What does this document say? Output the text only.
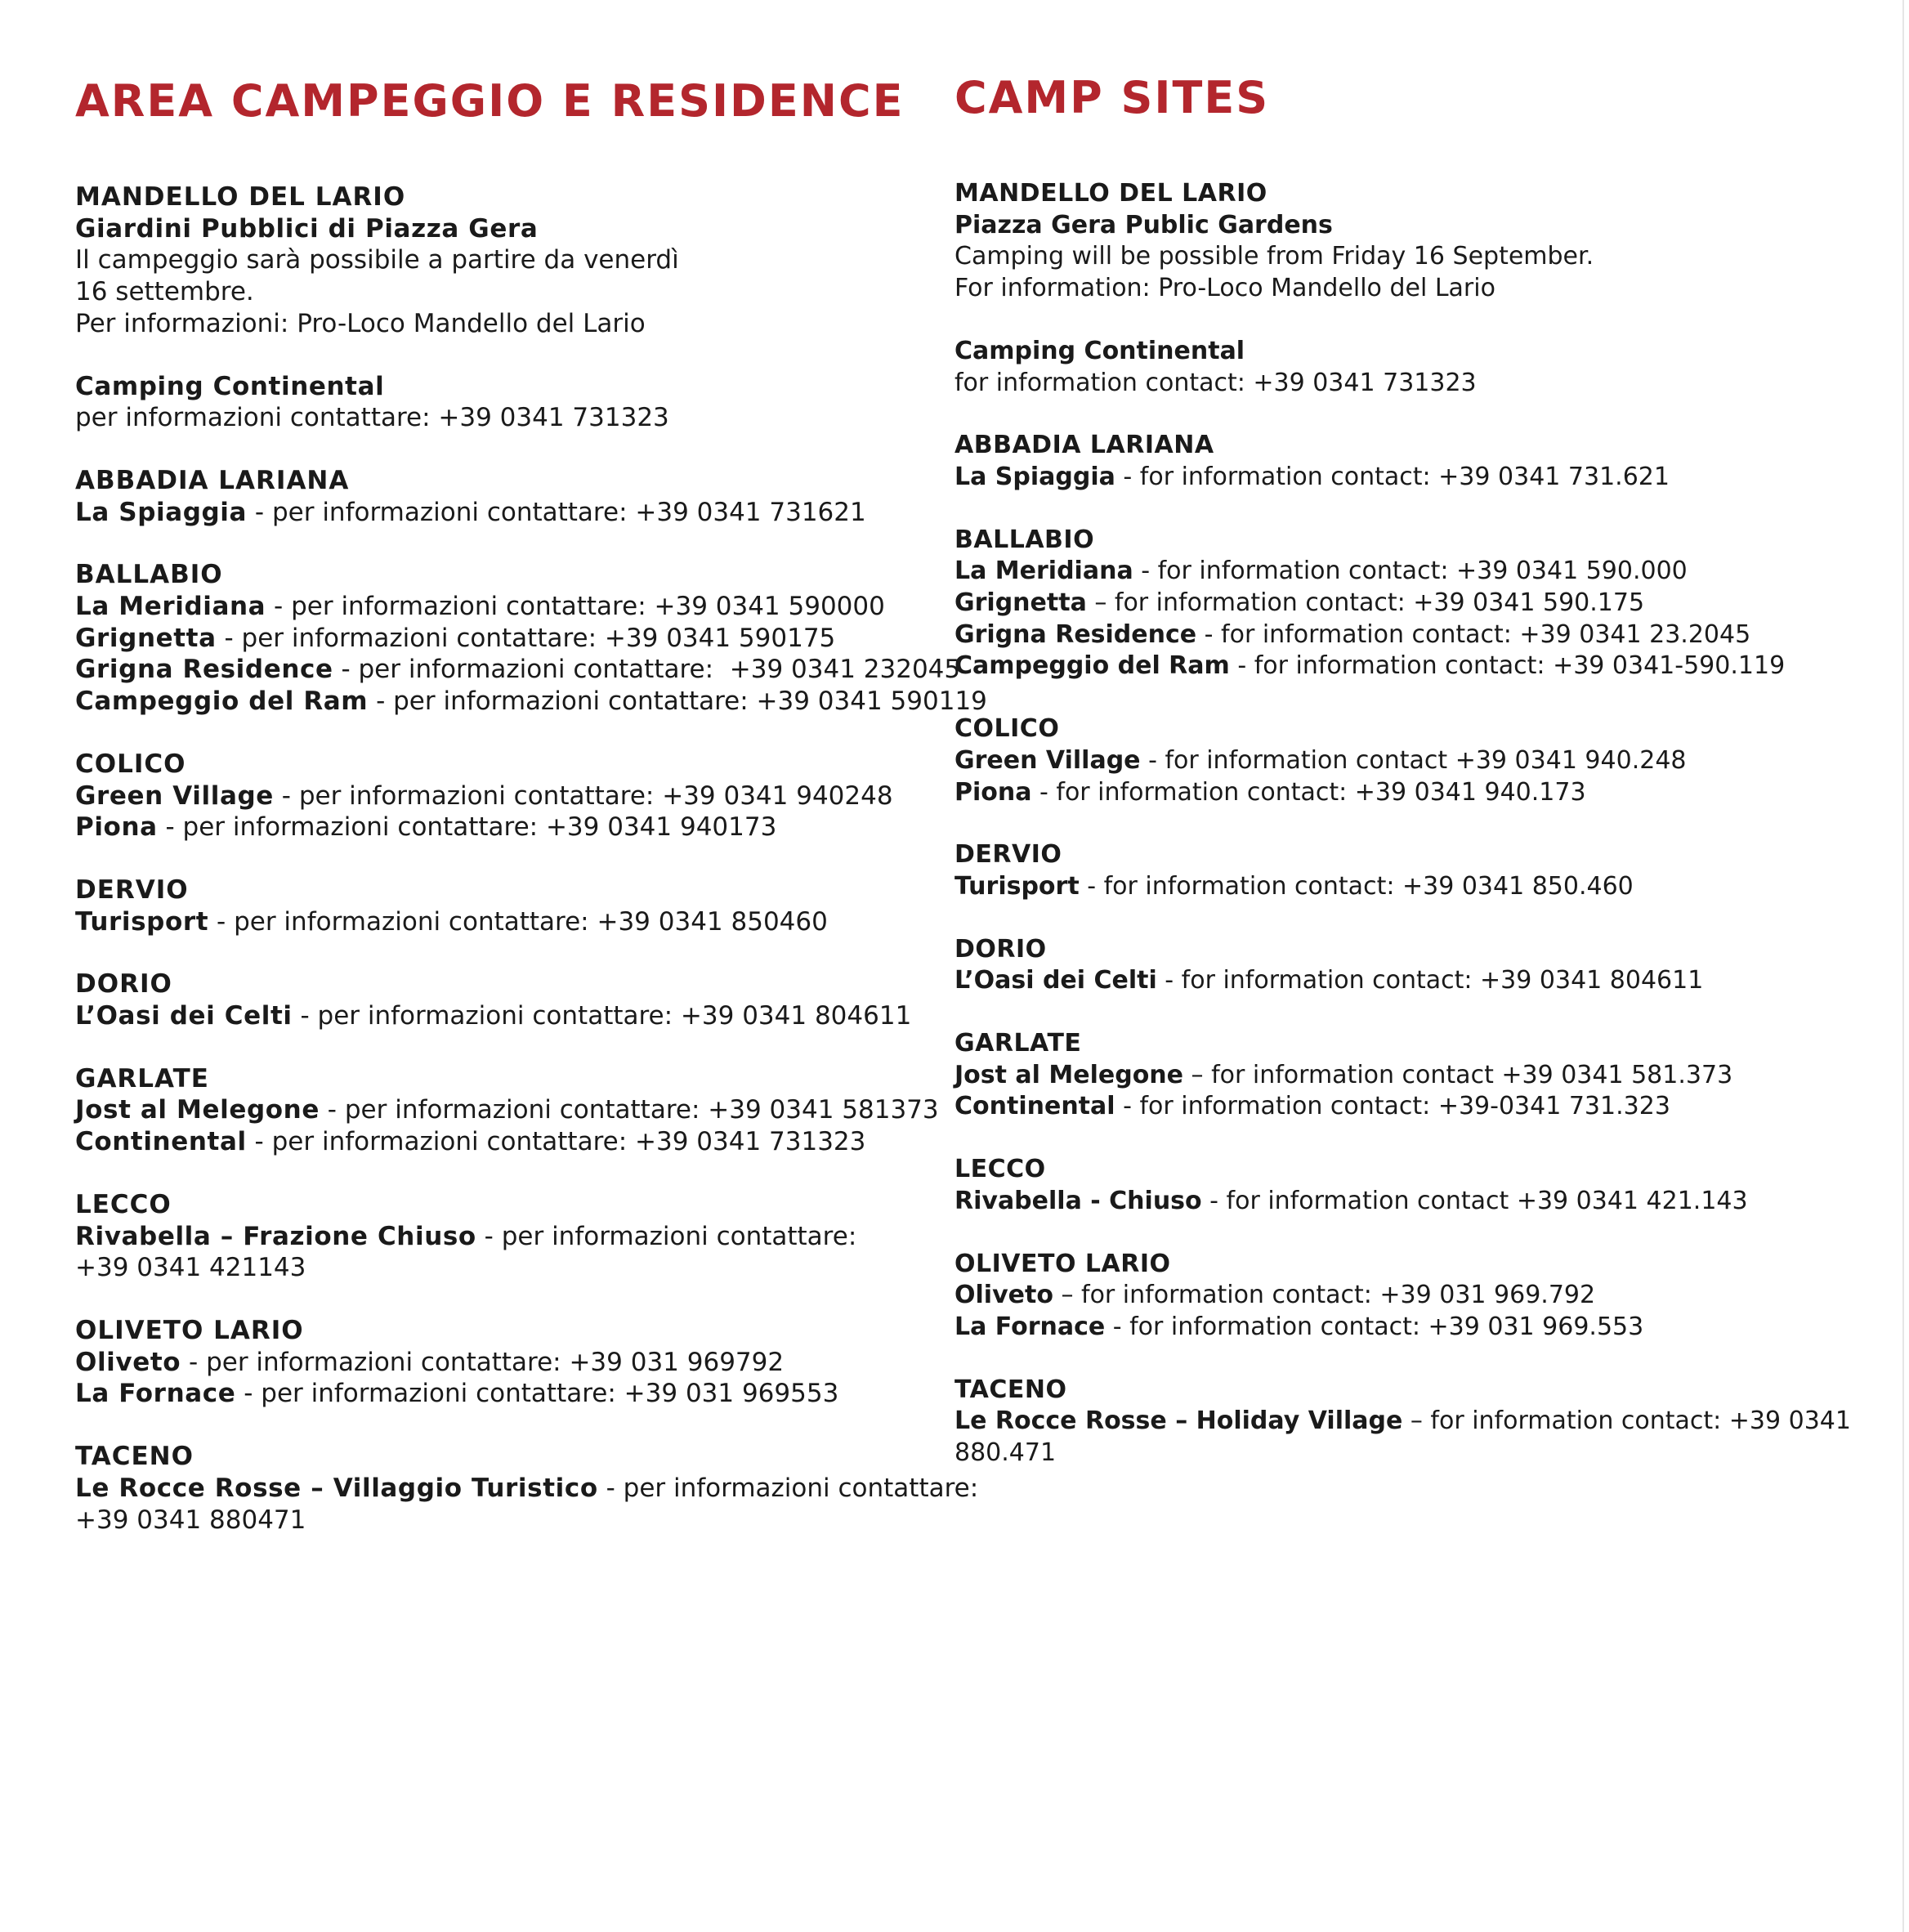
AREA CAMPEGGIO E RESIDENCE
MANDELLO DEL LARIO
Giardini Pubblici di Piazza Gera
Il campeggio sarà possibile a partire da venerdì
16 settembre.
Per informazioni: Pro-Loco Mandello del Lario
Camping Continental
per informazioni contattare: +39 0341 731323
ABBADIA LARIANA
La Spiaggia - per informazioni contattare: +39 0341 731621
BALLABIO
La Meridiana - per informazioni contattare: +39 0341 590000
Grignetta - per informazioni contattare: +39 0341 590175
Grigna Residence - per informazioni contattare:  +39 0341 232045
Campeggio del Ram - per informazioni contattare: +39 0341 590119
COLICO
Green Village - per informazioni contattare: +39 0341 940248
Piona - per informazioni contattare: +39 0341 940173
DERVIO
Turisport - per informazioni contattare: +39 0341 850460
DORIO
L’Oasi dei Celti - per informazioni contattare: +39 0341 804611
GARLATE
Jost al Melegone - per informazioni contattare: +39 0341 581373
Continental - per informazioni contattare: +39 0341 731323
LECCO
Rivabella – Frazione Chiuso - per informazioni contattare:
+39 0341 421143
OLIVETO LARIO
Oliveto - per informazioni contattare: +39 031 969792
La Fornace - per informazioni contattare: +39 031 969553
TACENO
Le Rocce Rosse – Villaggio Turistico - per informazioni contattare:
+39 0341 880471
CAMP SITES
MANDELLO DEL LARIO
Piazza Gera Public Gardens
Camping will be possible from Friday 16 September.
For information: Pro-Loco Mandello del Lario
Camping Continental
for information contact: +39 0341 731323
ABBADIA LARIANA
La Spiaggia - for information contact: +39 0341 731.621
BALLABIO
La Meridiana - for information contact: +39 0341 590.000
Grignetta – for information contact: +39 0341 590.175
Grigna Residence - for information contact: +39 0341 23.2045
Campeggio del Ram - for information contact: +39 0341-590.119
COLICO
Green Village - for information contact +39 0341 940.248
Piona - for information contact: +39 0341 940.173
DERVIO
Turisport - for information contact: +39 0341 850.460
DORIO
L’Oasi dei Celti - for information contact: +39 0341 804611
GARLATE
Jost al Melegone – for information contact +39 0341 581.373
Continental - for information contact: +39-0341 731.323
LECCO
Rivabella - Chiuso - for information contact +39 0341 421.143
OLIVETO LARIO
Oliveto – for information contact: +39 031 969.792
La Fornace - for information contact: +39 031 969.553
TACENO
Le Rocce Rosse – Holiday Village – for information contact: +39 0341
880.471
